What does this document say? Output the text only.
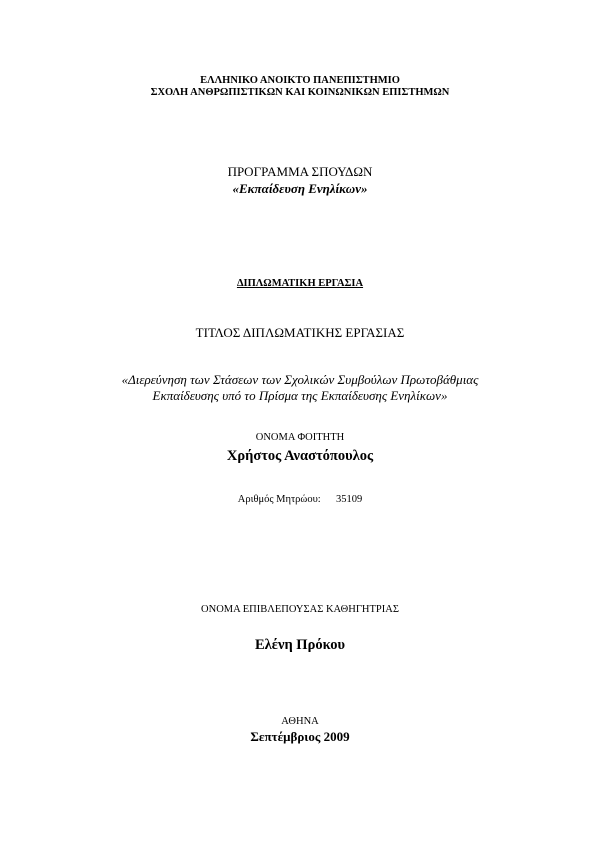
ΕΛΛΗΝΙΚΟ ΑΝΟΙΚΤΟ ΠΑΝΕΠΙΣΤΗΜΙΟ
ΣΧΟΛΗ ΑΝΘΡΩΠΙΣΤΙΚΩΝ ΚΑΙ ΚΟΙΝΩΝΙΚΩΝ ΕΠΙΣΤΗΜΩΝ
ΠΡΟΓΡΑΜΜΑ ΣΠΟΥΔΩΝ
«Εκπαίδευση Ενηλίκων»
ΔΙΠΛΩΜΑΤΙΚΗ ΕΡΓΑΣΙΑ
ΤΙΤΛΟΣ ΔΙΠΛΩΜΑΤΙΚΗΣ ΕΡΓΑΣΙΑΣ
«Διερεύνηση των Στάσεων των Σχολικών Συμβούλων Πρωτοβάθμιας
Εκπαίδευσης υπό το Πρίσμα της Εκπαίδευσης Ενηλίκων»
ΟΝΟΜΑ ΦΟΙΤΗΤΗ
Χρήστος Αναστόπουλος
Αριθμός Μητρώου: 35109
ΟΝΟΜΑ ΕΠΙΒΛΕΠΟΥΣΑΣ ΚΑΘΗΓΗΤΡΙΑΣ
Ελένη Πρόκου
ΑΘΗΝΑ
Σεπτέμβριος 2009
